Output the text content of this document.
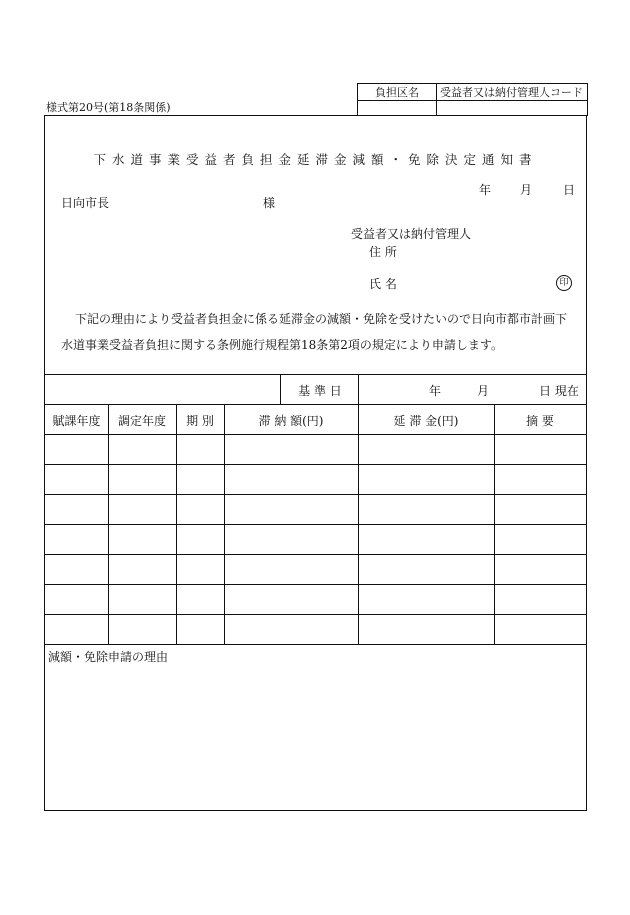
様式第20号(第18条関係)
負担区名	受益者又は納付管理人コード

下水道事業受益者負担金延滞金減額・免除決定通知書
年 月	日
日向市長	様
受益者又は納付管理人
住 所
氏 名	印
下記の理由により受益者負担金に係る延滞金の減額・免除を受けたいので日向市都市計画下水道事業受益者負担に関する条例施行規程第18条第2項の規定により申請します。
基 準 日	年	月	日 現在
賦課年度	調定年度	期 別	滞 納 額(円)	延 滞 金(円)	摘 要
減額・免除申請の理由
